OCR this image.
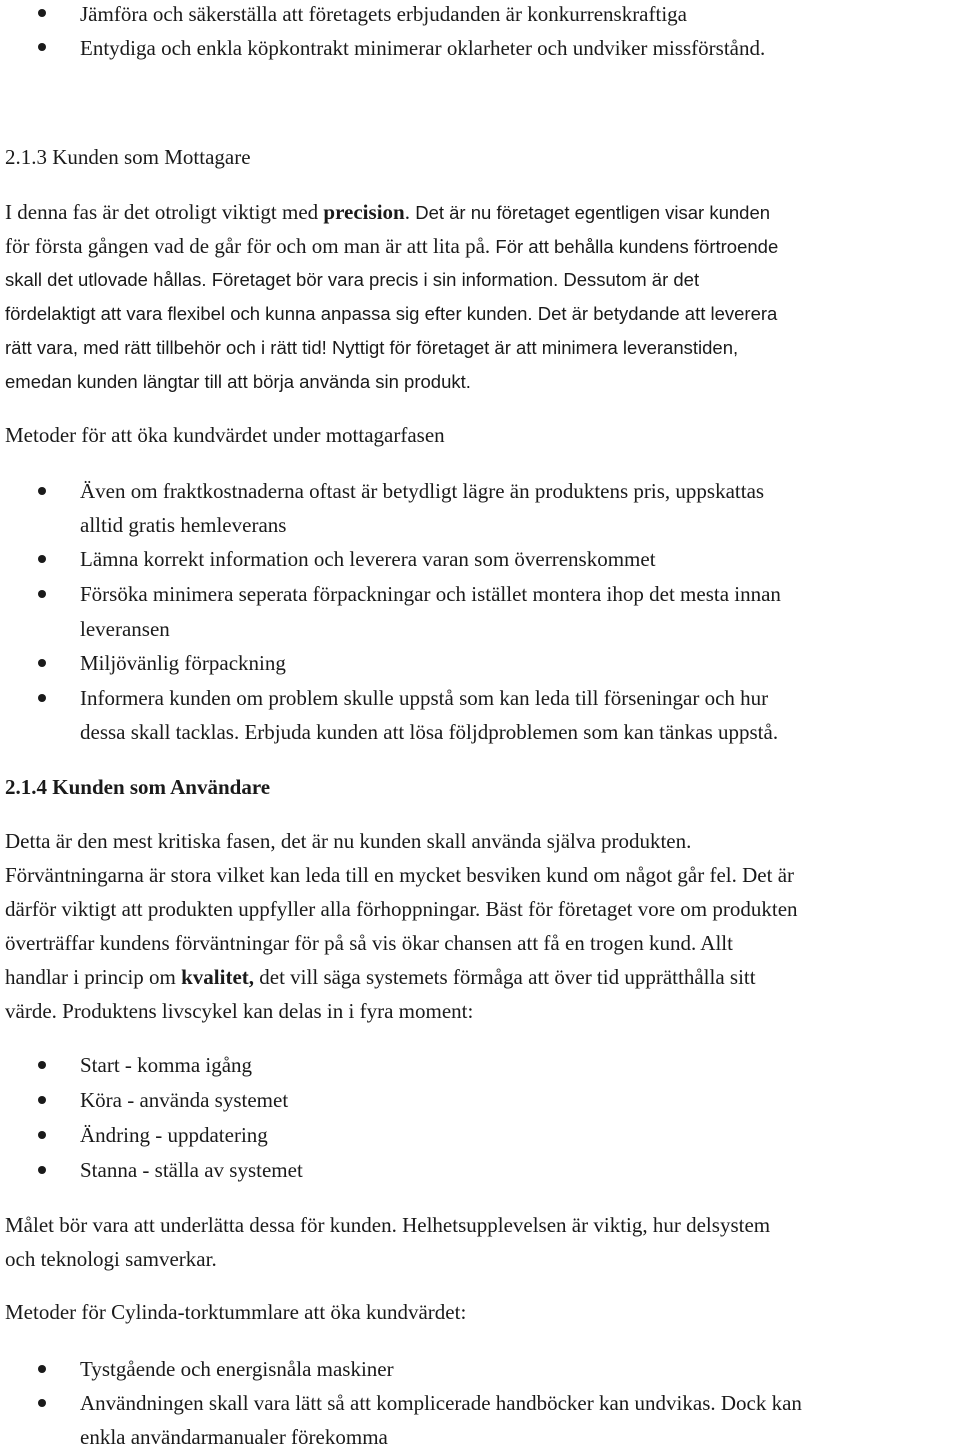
Jämföra och säkerställa att företagets erbjudanden är konkurrenskraftiga
Entydiga och enkla köpkontrakt minimerar oklarheter och undviker missförstånd.
2.1.3 Kunden som Mottagare
I denna fas är det otroligt viktigt med precision. Det är nu företaget egentligen visar kunden
för första gången vad de går för och om man är att lita på. För att behålla kundens förtroende
skall det utlovade hållas. Företaget bör vara precis i sin information. Dessutom är det
fördelaktigt att vara flexibel och kunna anpassa sig efter kunden. Det är betydande att leverera
rätt vara, med rätt tillbehör och i rätt tid! Nyttigt för företaget är att minimera leveranstiden,
emedan kunden längtar till att börja använda sin produkt.
Metoder för att öka kundvärdet under mottagarfasen
Även om fraktkostnaderna oftast är betydligt lägre än produktens pris, uppskattas
alltid gratis hemleverans
Lämna korrekt information och leverera varan som överrenskommet
Försöka minimera seperata förpackningar och istället montera ihop det mesta innan
leveransen
Miljövänlig förpackning
Informera kunden om problem skulle uppstå som kan leda till förseningar och hur
dessa skall tacklas. Erbjuda kunden att lösa följdproblemen som kan tänkas uppstå.
2.1.4 Kunden som Användare
Detta är den mest kritiska fasen, det är nu kunden skall använda själva produkten.
Förväntningarna är stora vilket kan leda till en mycket besviken kund om något går fel. Det är
därför viktigt att produkten uppfyller alla förhoppningar. Bäst för företaget vore om produkten
överträffar kundens förväntningar för på så vis ökar chansen att få en trogen kund. Allt
handlar i princip om kvalitet, det vill säga systemets förmåga att över tid upprätthålla sitt
värde. Produktens livscykel kan delas in i fyra moment:
Start - komma igång
Köra - använda systemet
Ändring - uppdatering
Stanna - ställa av systemet
Målet bör vara att underlätta dessa för kunden. Helhetsupplevelsen är viktig, hur delsystem
och teknologi samverkar.
Metoder för Cylinda-torktummlare att öka kundvärdet:
Tystgående och energisnåla maskiner
Användningen skall vara lätt så att komplicerade handböcker kan undvikas. Dock kan
enkla användarmanualer förekomma
